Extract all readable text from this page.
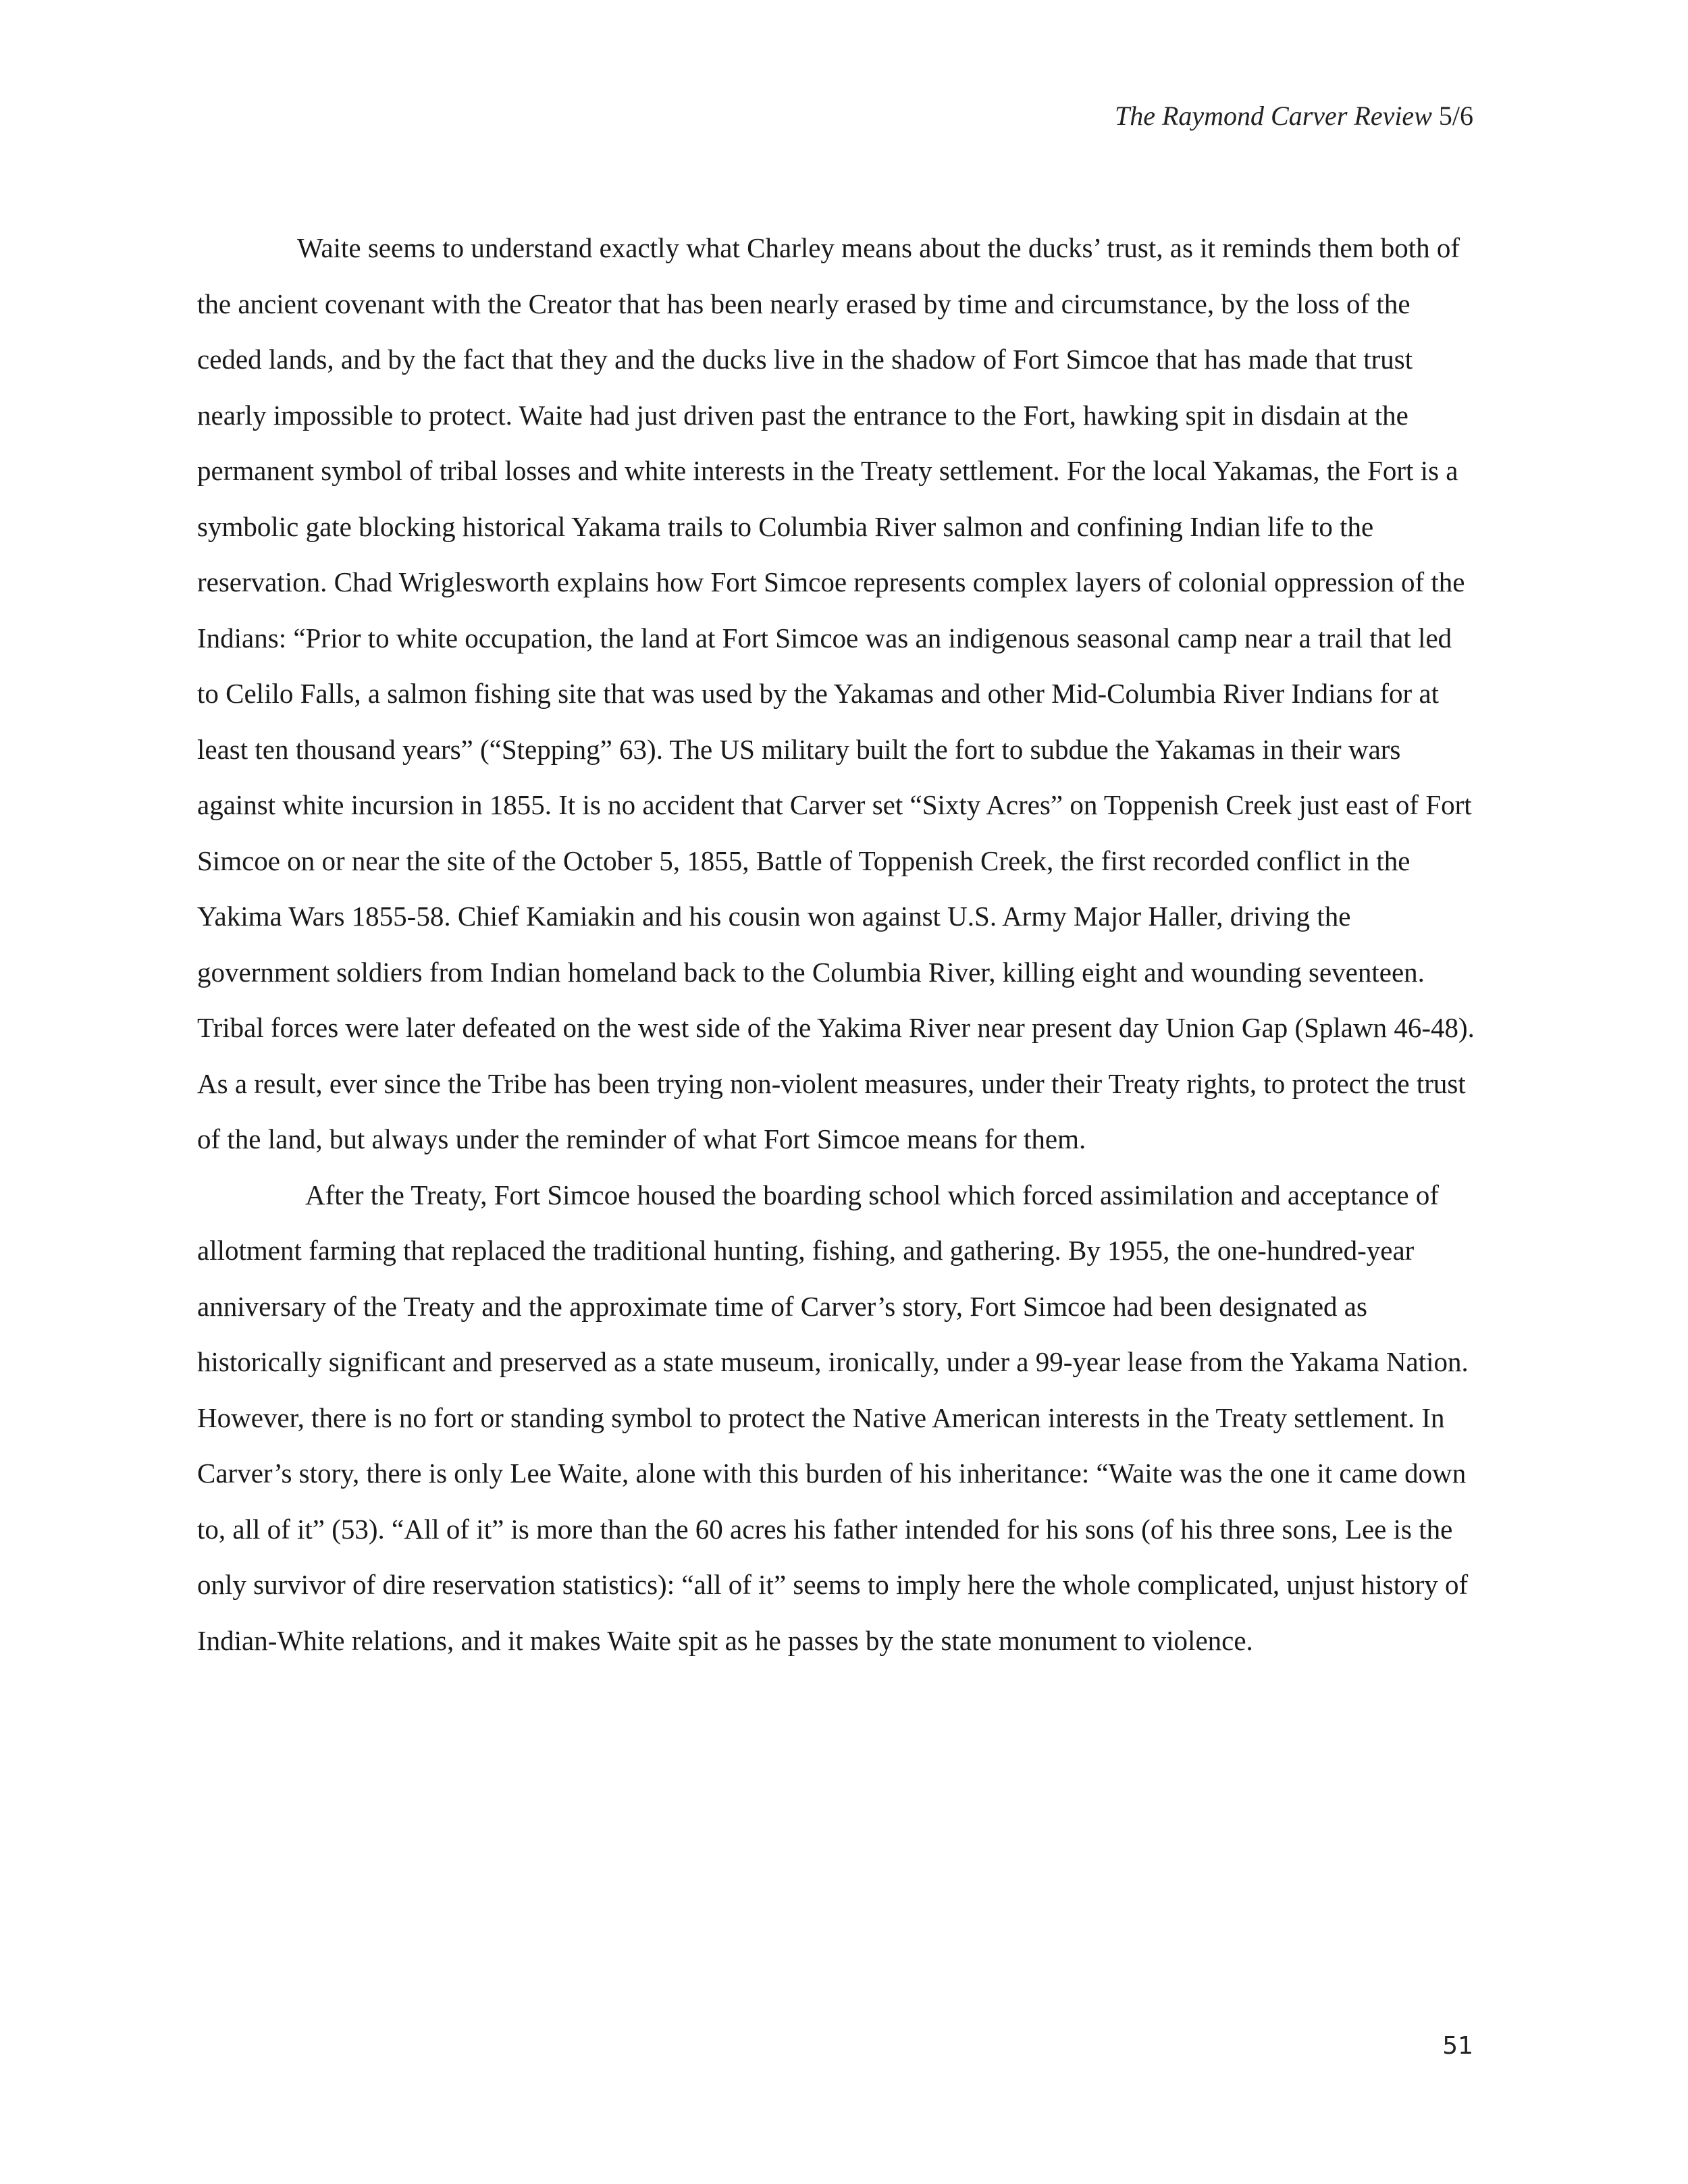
The Raymond Carver Review 5/6

Waite seems to understand exactly what Charley means about the ducks’ trust, as it reminds them both of the ancient covenant with the Creator that has been nearly erased by time and circumstance, by the loss of the ceded lands, and by the fact that they and the ducks live in the shadow of Fort Simcoe that has made that trust nearly impossible to protect. Waite had just driven past the entrance to the Fort, hawking spit in disdain at the permanent symbol of tribal losses and white interests in the Treaty settlement. For the local Yakamas, the Fort is a symbolic gate blocking historical Yakama trails to Columbia River salmon and confining Indian life to the reservation. Chad Wriglesworth explains how Fort Simcoe represents complex layers of colonial oppression of the Indians: “Prior to white occupation, the land at Fort Simcoe was an indigenous seasonal camp near a trail that led to Celilo Falls, a salmon fishing site that was used by the Yakamas and other Mid-Columbia River Indians for at least ten thousand years” (“Stepping” 63). The US military built the fort to subdue the Yakamas in their wars against white incursion in 1855. It is no accident that Carver set “Sixty Acres” on Toppenish Creek just east of Fort Simcoe on or near the site of the October 5, 1855, Battle of Toppenish Creek, the first recorded conflict in the Yakima Wars 1855-58. Chief Kamiakin and his cousin won against U.S. Army Major Haller, driving the government soldiers from Indian homeland back to the Columbia River, killing eight and wounding seventeen. Tribal forces were later defeated on the west side of the Yakima River near present day Union Gap (Splawn 46-48). As a result, ever since the Tribe has been trying non-violent measures, under their Treaty rights, to protect the trust of the land, but always under the reminder of what Fort Simcoe means for them.

After the Treaty, Fort Simcoe housed the boarding school which forced assimilation and acceptance of allotment farming that replaced the traditional hunting, fishing, and gathering. By 1955, the one-hundred-year anniversary of the Treaty and the approximate time of Carver’s story, Fort Simcoe had been designated as historically significant and preserved as a state museum, ironically, under a 99-year lease from the Yakama Nation. However, there is no fort or standing symbol to protect the Native American interests in the Treaty settlement. In Carver’s story, there is only Lee Waite, alone with this burden of his inheritance: “Waite was the one it came down to, all of it” (53). “All of it” is more than the 60 acres his father intended for his sons (of his three sons, Lee is the only survivor of dire reservation statistics): “all of it” seems to imply here the whole complicated, unjust history of Indian-White relations, and it makes Waite spit as he passes by the state monument to violence.

51
